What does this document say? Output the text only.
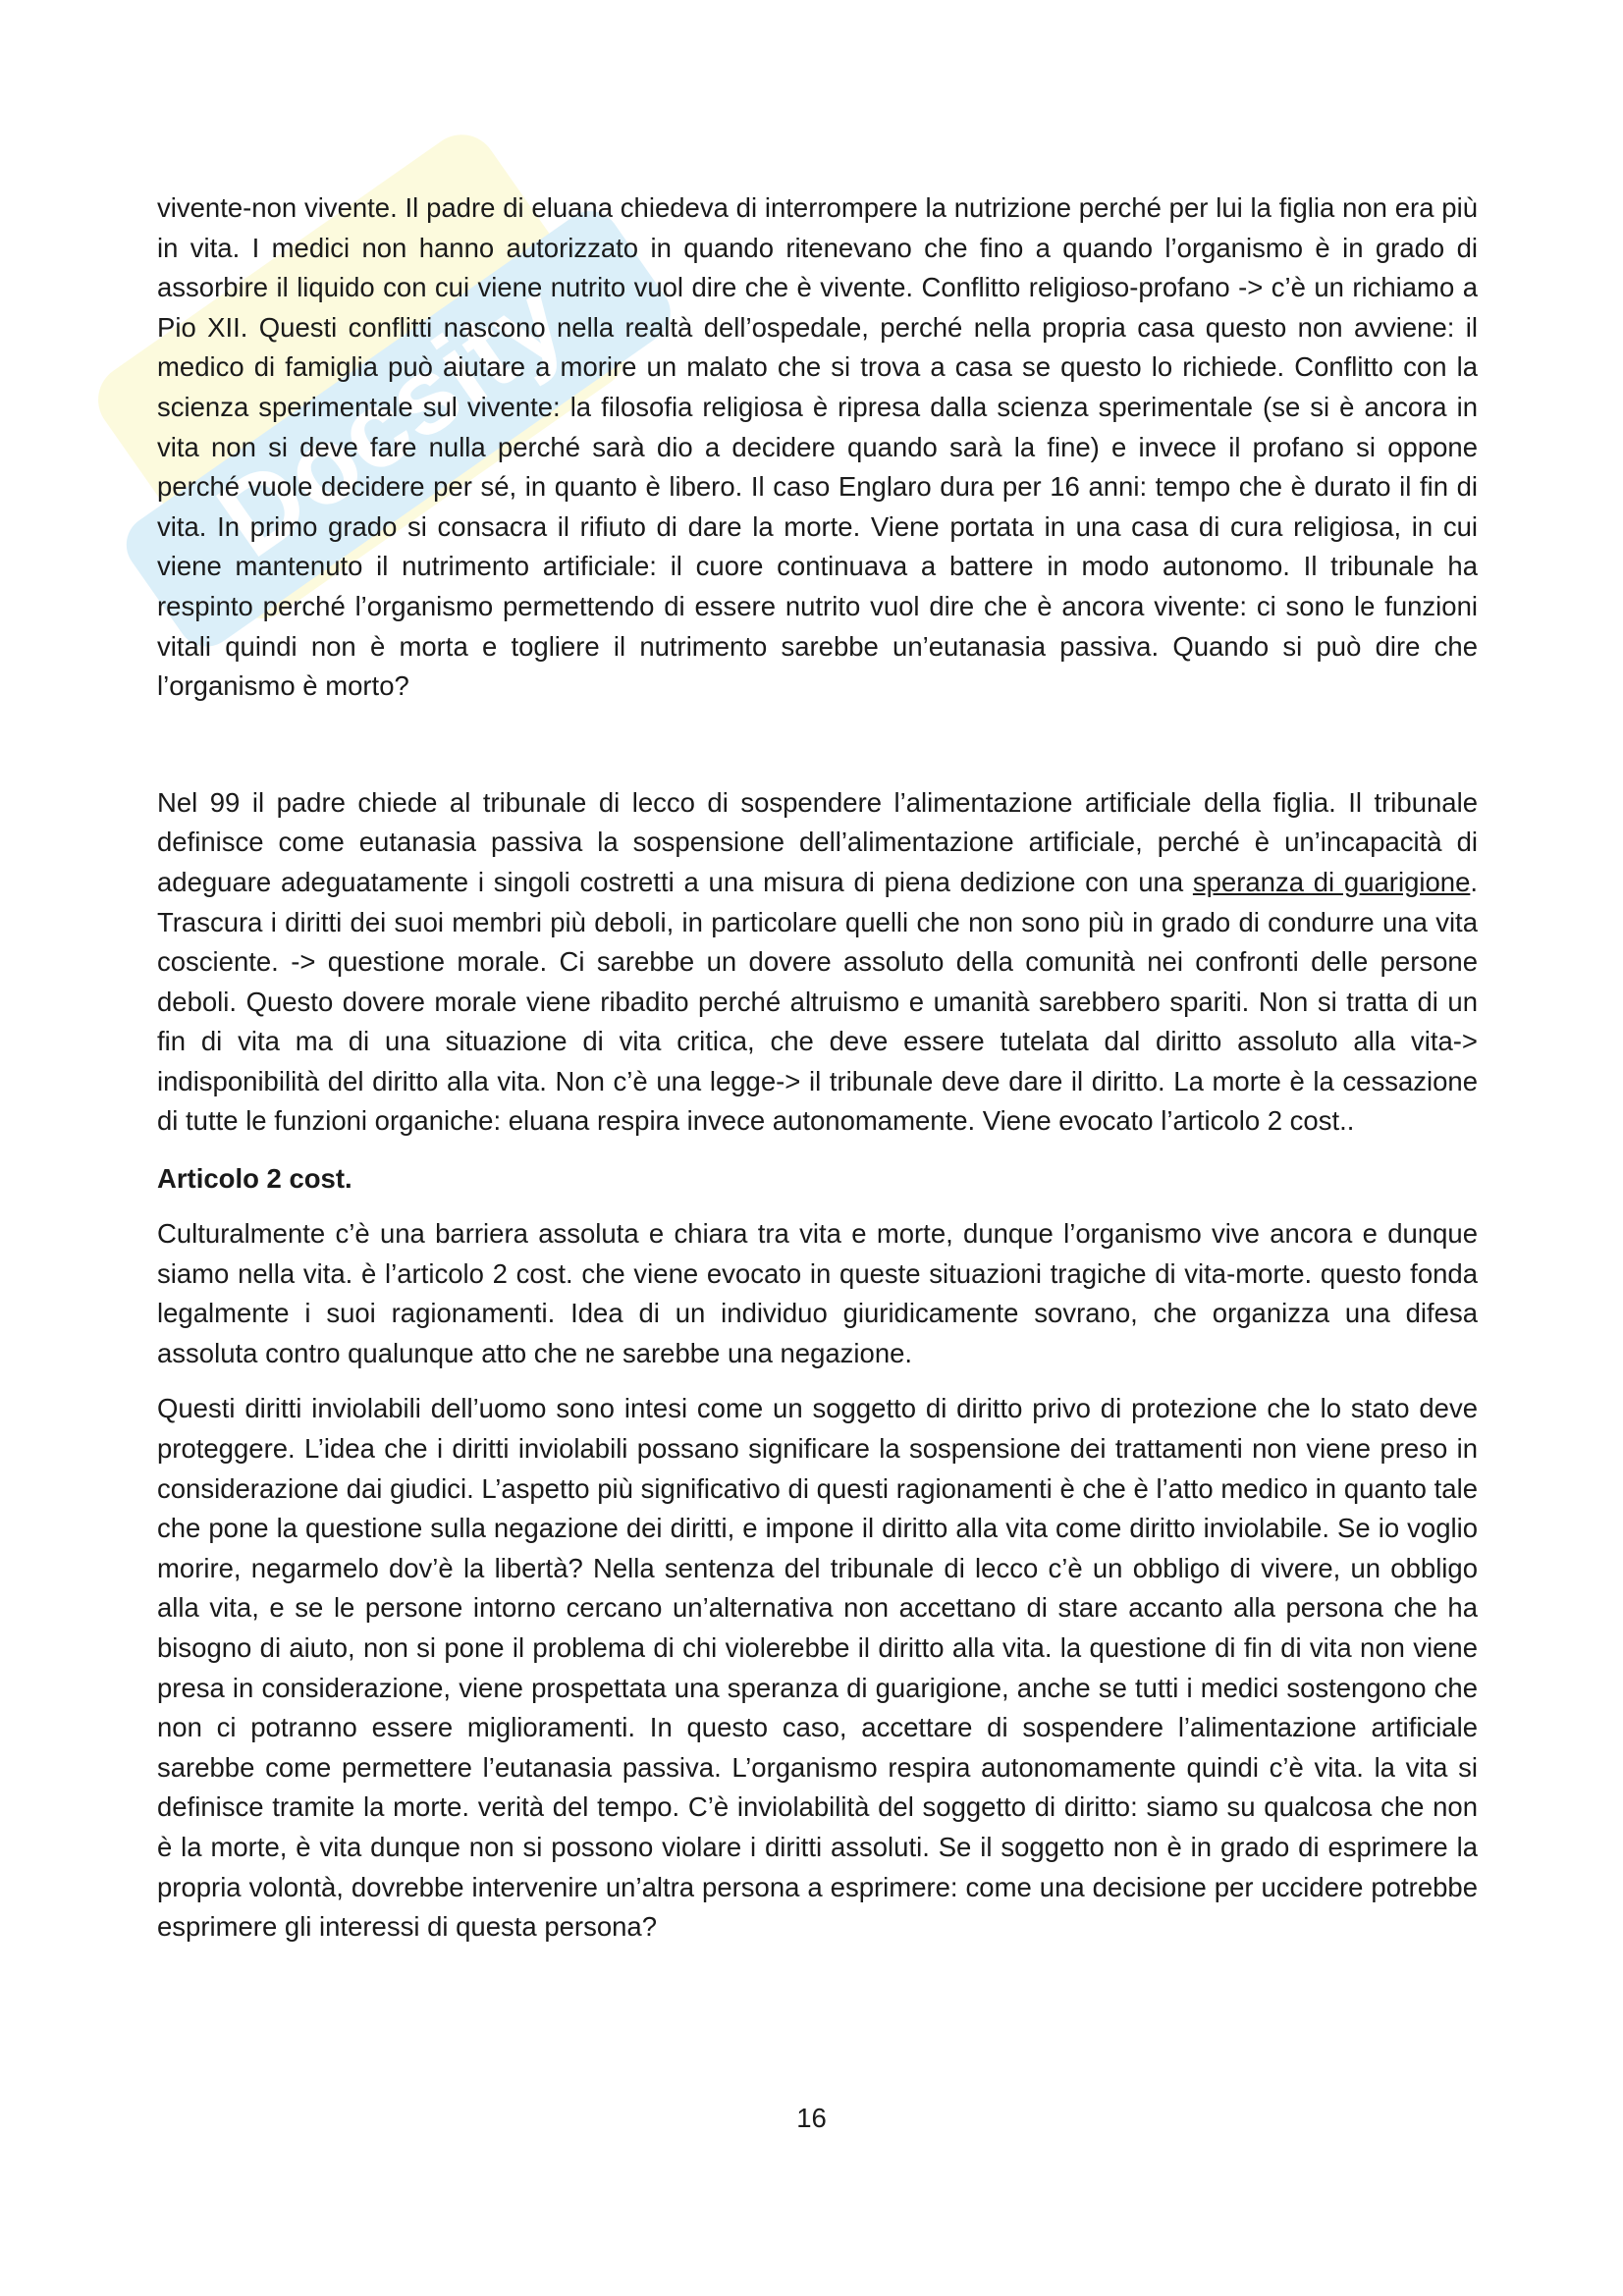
Docsity

vivente-non vivente. Il padre di eluana chiedeva di interrompere la nutrizione perché per lui la figlia non era più in vita. I medici non hanno autorizzato in quando ritenevano che fino a quando l’organismo è in grado di assorbire il liquido con cui viene nutrito vuol dire che è vivente. Conflitto religioso-profano -> c’è un richiamo a Pio XII. Questi conflitti nascono nella realtà dell’ospedale, perché nella propria casa questo non avviene: il medico di famiglia può aiutare a morire un malato che si trova a casa se questo lo richiede. Conflitto con la scienza sperimentale sul vivente: la filosofia religiosa è ripresa dalla scienza sperimentale (se si è ancora in vita non si deve fare nulla perché sarà dio a decidere quando sarà la fine) e invece il profano si oppone perché vuole decidere per sé, in quanto è libero. Il caso Englaro dura per 16 anni: tempo che è durato il fin di vita. In primo grado si consacra il rifiuto di dare la morte. Viene portata in una casa di cura religiosa, in cui viene mantenuto il nutrimento artificiale: il cuore continuava a battere in modo autonomo. Il tribunale ha respinto perché l’organismo permettendo di essere nutrito vuol dire che è ancora vivente: ci sono le funzioni vitali quindi non è morta e togliere il nutrimento sarebbe un’eutanasia passiva. Quando si può dire che l’organismo è morto?

Nel 99 il padre chiede al tribunale di lecco di sospendere l’alimentazione artificiale della figlia. Il tribunale definisce come eutanasia passiva la sospensione dell’alimentazione artificiale, perché è un’incapacità di adeguare adeguatamente i singoli costretti a una misura di piena dedizione con una speranza di guarigione. Trascura i diritti dei suoi membri più deboli, in particolare quelli che non sono più in grado di condurre una vita cosciente. -> questione morale. Ci sarebbe un dovere assoluto della comunità nei confronti delle persone deboli. Questo dovere morale viene ribadito perché altruismo e umanità sarebbero spariti. Non si tratta di un fin di vita ma di una situazione di vita critica, che deve essere tutelata dal diritto assoluto alla vita-> indisponibilità del diritto alla vita. Non c’è una legge-> il tribunale deve dare il diritto. La morte è la cessazione di tutte le funzioni organiche: eluana respira invece autonomamente. Viene evocato l’articolo 2 cost..

Articolo 2 cost.

Culturalmente c’è una barriera assoluta e chiara tra vita e morte, dunque l’organismo vive ancora e dunque siamo nella vita. è l’articolo 2 cost. che viene evocato in queste situazioni tragiche di vita-morte. questo fonda legalmente i suoi ragionamenti. Idea di un individuo giuridicamente sovrano, che organizza una difesa assoluta contro qualunque atto che ne sarebbe una negazione.

Questi diritti inviolabili dell’uomo sono intesi come un soggetto di diritto privo di protezione che lo stato deve proteggere. L’idea che i diritti inviolabili possano significare la sospensione dei trattamenti non viene preso in considerazione dai giudici. L’aspetto più significativo di questi ragionamenti è che è l’atto medico in quanto tale che pone la questione sulla negazione dei diritti, e impone il diritto alla vita come diritto inviolabile. Se io voglio morire, negarmelo dov’è la libertà? Nella sentenza del tribunale di lecco c’è un obbligo di vivere, un obbligo alla vita, e se le persone intorno cercano un’alternativa non accettano di stare accanto alla persona che ha bisogno di aiuto, non si pone il problema di chi violerebbe il diritto alla vita. la questione di fin di vita non viene presa in considerazione, viene prospettata una speranza di guarigione, anche se tutti i medici sostengono che non ci potranno essere miglioramenti. In questo caso, accettare di sospendere l’alimentazione artificiale sarebbe come permettere l’eutanasia passiva. L’organismo respira autonomamente quindi c’è vita. la vita si definisce tramite la morte. verità del tempo. C’è inviolabilità del soggetto di diritto: siamo su qualcosa che non è la morte, è vita dunque non si possono violare i diritti assoluti. Se il soggetto non è in grado di esprimere la propria volontà, dovrebbe intervenire un’altra persona a esprimere: come una decisione per uccidere potrebbe esprimere gli interessi di questa persona?

16
